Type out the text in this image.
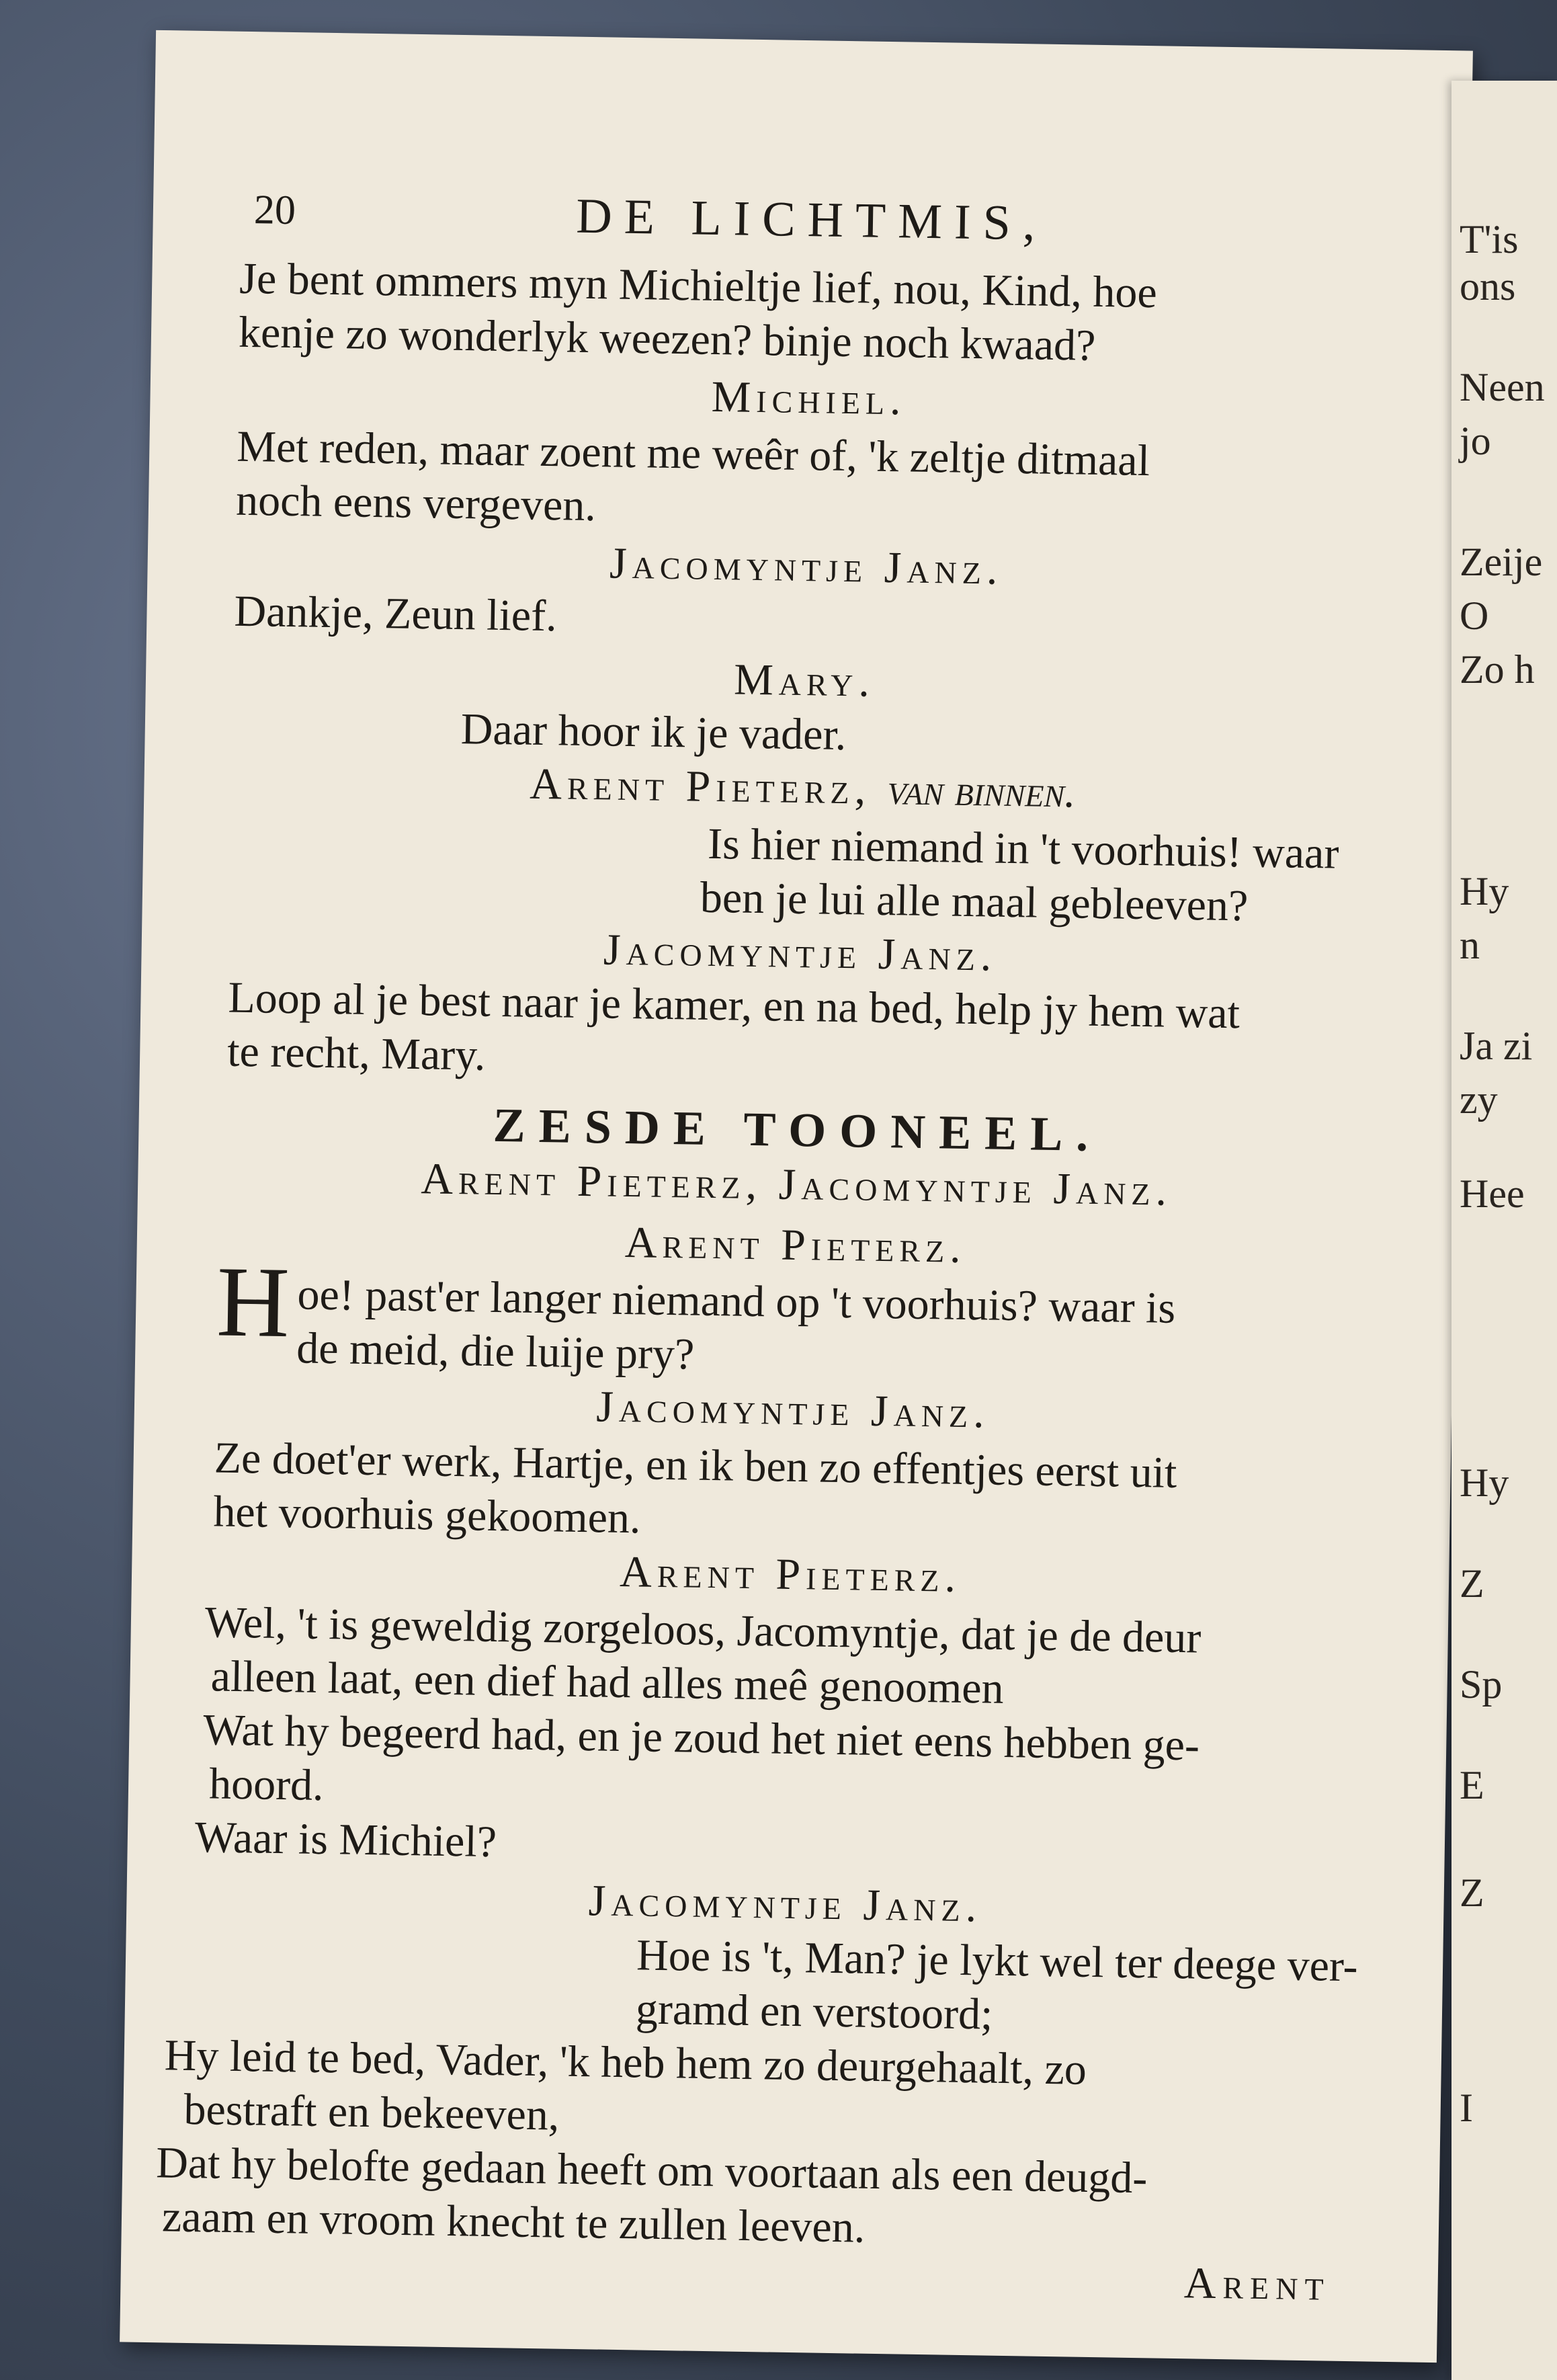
20	DE LICHTMIS,
Je bent ommers myn Michieltje lief, nou, Kind, hoe
kenje zo wonderlyk weezen? binje noch kwaad?
Michiel.
Met reden, maar zoent me weêr of, 'k zeltje ditmaal
noch eens vergeven.
Jacomyntje Janz.
Dankje, Zeun lief.
Mary.
Daar hoor ik je vader.
Arent Pieterz, van binnen.
Is hier niemand in 't voorhuis! waar
ben je lui alle maal gebleeven?
Jacomyntje Janz.
Loop al je best naar je kamer, en na bed, help jy hem wat
te recht, Mary.
ZESDE TOONEEL.
Arent Pieterz, Jacomyntje Janz.
Arent Pieterz.
H oe! past'er langer niemand op 't voorhuis? waar is
de meid, die luije pry?
Jacomyntje Janz.
Ze doet'er werk, Hartje, en ik ben zo effentjes eerst uit
het voorhuis gekoomen.
Arent Pieterz.
Wel, 't is geweldig zorgeloos, Jacomyntje, dat je de deur
alleen laat, een dief had alles meê genoomen
Wat hy begeerd had, en je zoud het niet eens hebben ge-
hoord.
Waar is Michiel?
Jacomyntje Janz.
Hoe is 't, Man? je lykt wel ter deege ver-
gramd en verstoord;
Hy leid te bed, Vader, 'k heb hem zo deurgehaalt, zo
bestraft en bekeeven,
Dat hy belofte gedaan heeft om voortaan als een deugd-
zaam en vroom knecht te zullen leeven.
Arent
T'is
ons
Neen
jo
Zeije
O
Zo h
Hy
n
Ja zi
zy
Hee
Hy
Z
Sp
E
Z
I
